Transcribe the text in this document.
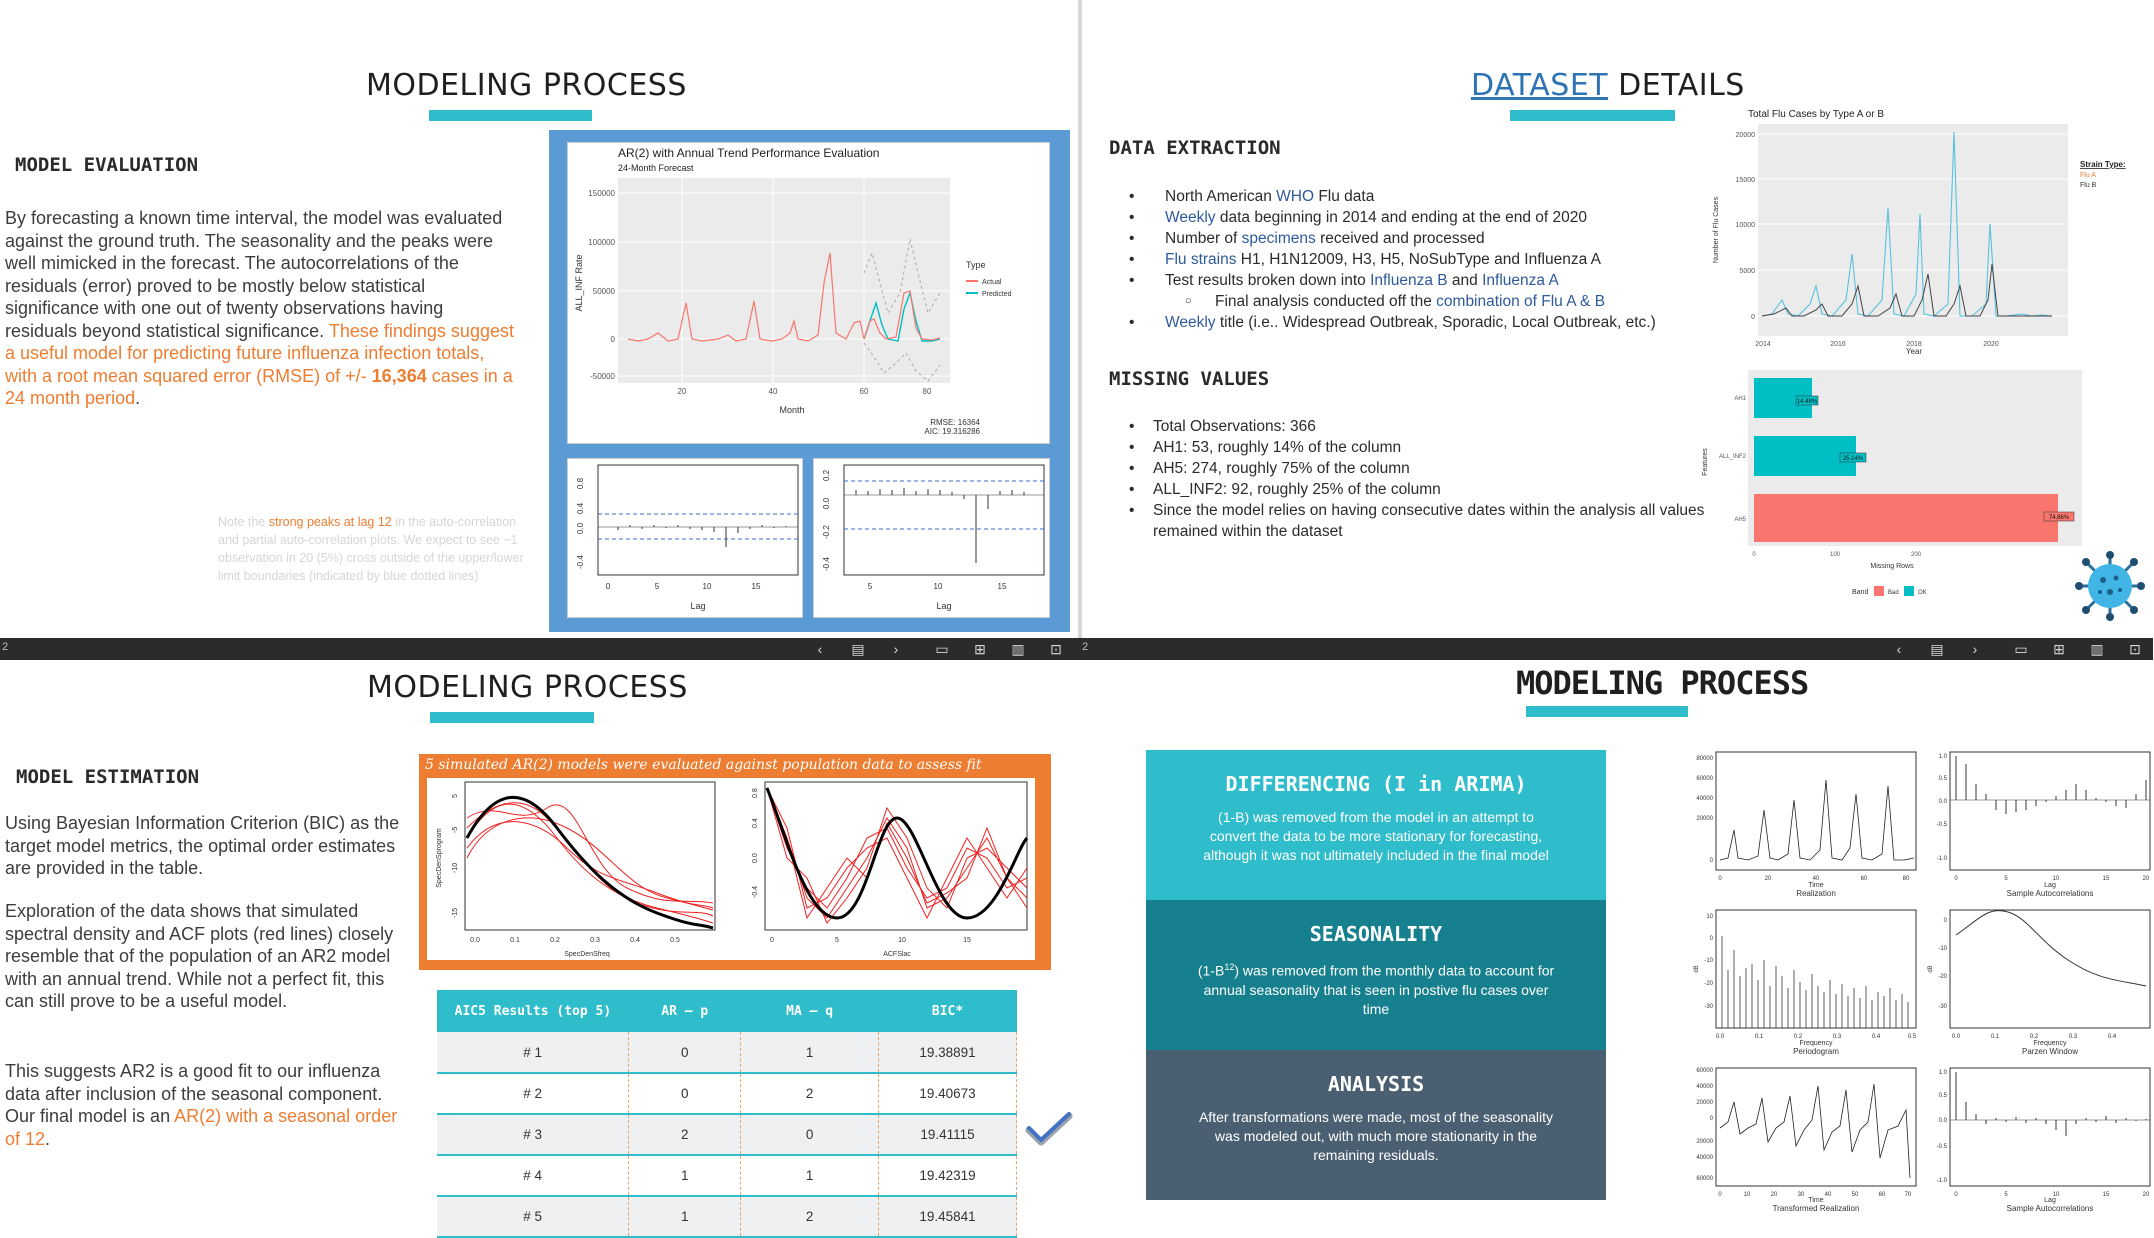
MODELING PROCESS
MODEL EVALUATION
By forecasting a known time interval, the model was evaluated against the ground truth. The seasonality and the peaks were well mimicked in the forecast. The autocorrelations of the residuals (error) proved to be mostly below statistical significance with one out of twenty observations having residuals beyond statistical significance. These findings suggest a useful model for predicting future influenza infection totals, with a root mean squared error (RMSE) of +/- 16,364 cases in a 24 month period.
Note the strong peaks at lag 12 in the auto-correlation and partial auto-correlation plots. We expect to see ~1 observation in 20 (5%) cross outside of the upper/lower limit boundaries (indicated by blue dotted lines)
AR(2) with Annual Trend Performance Evaluation
24-Month Forecast
150000
100000
50000
0
-50000
20	40	60	80
Month
ALL_INF Rate	Type
Actual
Predicted
RMSE: 16364
AIC: 19.316286
0	5	10	15
0.8
0.4
0.0
-0.4
Lag
5	10	15
0.2
0.0
-0.2
-0.4
Lag
DATASET DETAILS
DATA EXTRACTION
• North American WHO Flu data
• Weekly data beginning in 2014 and ending at the end of 2020
• Number of specimens received and processed
• Flu strains H1, H1N12009, H3, H5, NoSubType and Influenza A
• Test results broken down into Influenza B and Influenza A
○ Final analysis conducted off the combination of Flu A & B
• Weekly title (i.e.. Widespread Outbreak, Sporadic, Local Outbreak, etc.)
MISSING VALUES
• Total Observations: 366
• AH1: 53, roughly 14% of the column
• AH5: 274, roughly 75% of the column
• ALL_INF2: 92, roughly 25% of the column
• Since the model relies on having consecutive dates within the analysis all values remained within the dataset
Total Flu Cases by Type A or B
20000
15000
10000
5000
0
2014	2016	2018	2020
Year
Number of Flu Cases
Strain Type:
Flu A
Flu B
14.48%
25.14%
74.86%
AH1
ALL_INF2
AH5
0	100	200
Features
Missing Rows
Band	Bad	OK
2	‹	▤	›	▭	⊞	▥	⊡	2	‹	▤	›	▭	⊞	▥	⊡
MODELING PROCESS
MODEL ESTIMATION
Using Bayesian Information Criterion (BIC) as the target model metrics, the optimal order estimates are provided in the table.
Exploration of the data shows that simulated spectral density and ACF plots (red lines) closely resemble that of the population of an AR2 model with an annual trend. While not a perfect fit, this can still prove to be a useful model.
This suggests AR2 is a good fit to our influenza data after inclusion of the seasonal component. Our final model is an AR(2) with a seasonal order of 12.
5 simulated AR(2) models were evaluated against population data to assess fit
0.0	0.1	0.2	0.3	0.4	0.5
5
-5
-10
-15
SpecDenSfreq
SpecDenSprogram
0	5	10	15
0.8
0.4
0.0
-0.4
ACFSlac
AIC5 Results (top 5)	AR – p	MA – q	BIC*
# 1	0	1	19.38891
# 2	0	2	19.40673
# 3	2	0	19.41115
# 4	1	1	19.42319
# 5	1	2	19.45841
MODELING PROCESS
DIFFERENCING (I in ARIMA)
(1-B) was removed from the model in an attempt to convert the data to be more stationary for forecasting, although it was not ultimately included in the final model
SEASONALITY
$(1-B^{12})$ was removed from the monthly data to account for annual seasonality that is seen in postive flu cases over time
ANALYSIS
After transformations were made, most of the seasonality was modeled out, with much more stationarity in the remaining residuals.
80000
60000
40000
20000
0
0	20	40	60	80
Time
Realization
1.0
0.5
0.0
-0.5
-1.0
0	5	10	15	20
Lag
Sample Autocorrelations
10
0
-10
-20
-30
0.0	0.1	0.2	0.3	0.4	0.5
Frequency
Periodogram
dB
0
-10
-20
-30
0.0	0.1	0.2	0.3	0.4
Frequency
Parzen Window
dB
60000
40000
20000
0
20000
40000
60000
0	10	20	30	40	50	60	70
Time
Transformed Realization
1.0
0.5
0.0
-0.5
-1.0
0	5	10	15	20
Lag
Sample Autocorrelations
